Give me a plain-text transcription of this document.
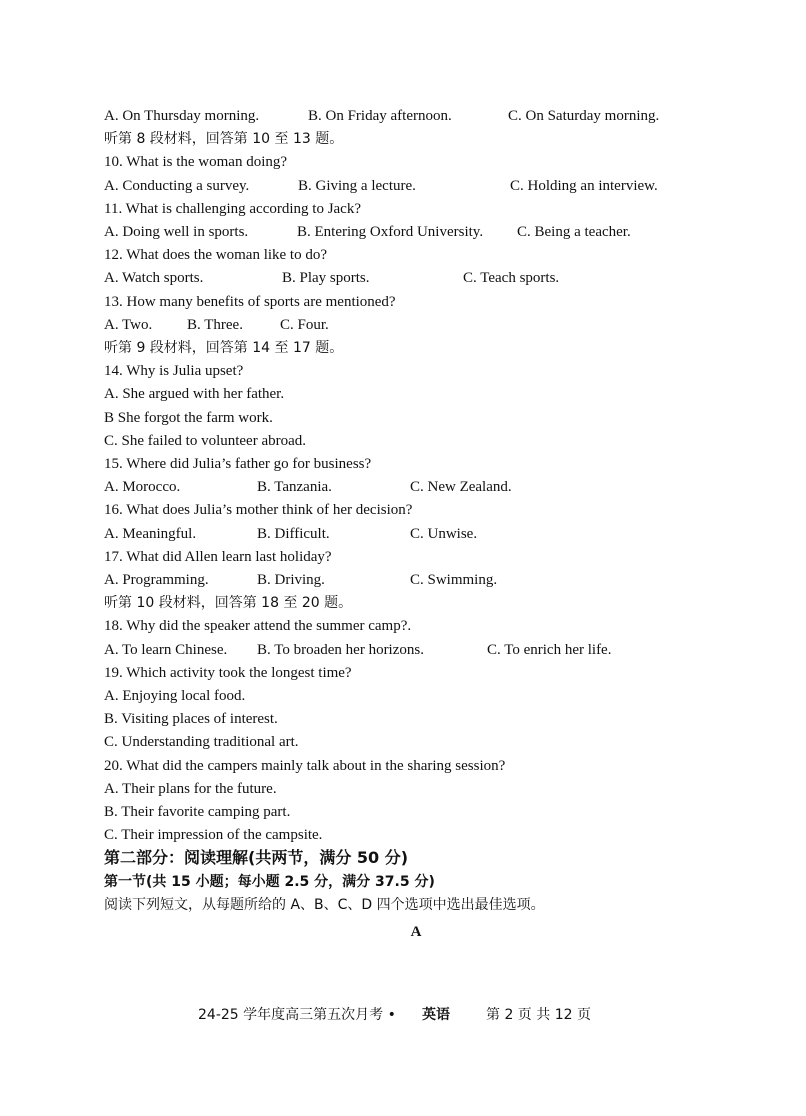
A. On Thursday morning.	B. On Friday afternoon.	C. On Saturday morning.
听第 8 段材料，回答第 10 至 13 题。
10. What is the woman doing?
A. Conducting a survey.	B. Giving a lecture.	C. Holding an interview.
11. What is challenging according to Jack?
A. Doing well in sports.	B. Entering Oxford University. C. Being a teacher.
12. What does the woman like to do?
A. Watch sports.	B. Play sports.	C. Teach sports.
13. How many benefits of sports are mentioned?
A. Two. B. Three. C. Four.
听第 9 段材料，回答第 14 至 17 题。
14. Why is Julia upset?
A. She argued with her father.
B She forgot the farm work.
C. She failed to volunteer abroad.
15. Where did Julia’s father go for business?
A. Morocco.	B. Tanzania.	C. New Zealand.
16. What does Julia’s mother think of her decision?
A. Meaningful.	B. Difficult.	C. Unwise.
17. What did Allen learn last holiday?
A. Programming.	B. Driving.	C. Swimming.
听第 10 段材料，回答第 18 至 20 题。
18. Why did the speaker attend the summer camp?.
A. To learn Chinese. B. To broaden her horizons.	C. To enrich her life.
19. Which activity took the longest time?
A. Enjoying local food.
B. Visiting places of interest.
C. Understanding traditional art.
20. What did the campers mainly talk about in the sharing session?
A. Their plans for the future.
B. Their favorite camping part.
C. Their impression of the campsite.
第二部分：阅读理解(共两节，满分 50 分)
第一节(共 15 小题；每小题 2.5 分，满分 37.5 分)
阅读下列短文，从每题所给的 A、B、C、D 四个选项中选出最佳选项。
A
24-25 学年度高三第五次月考 • 英语	第 2 页 共 12 页
